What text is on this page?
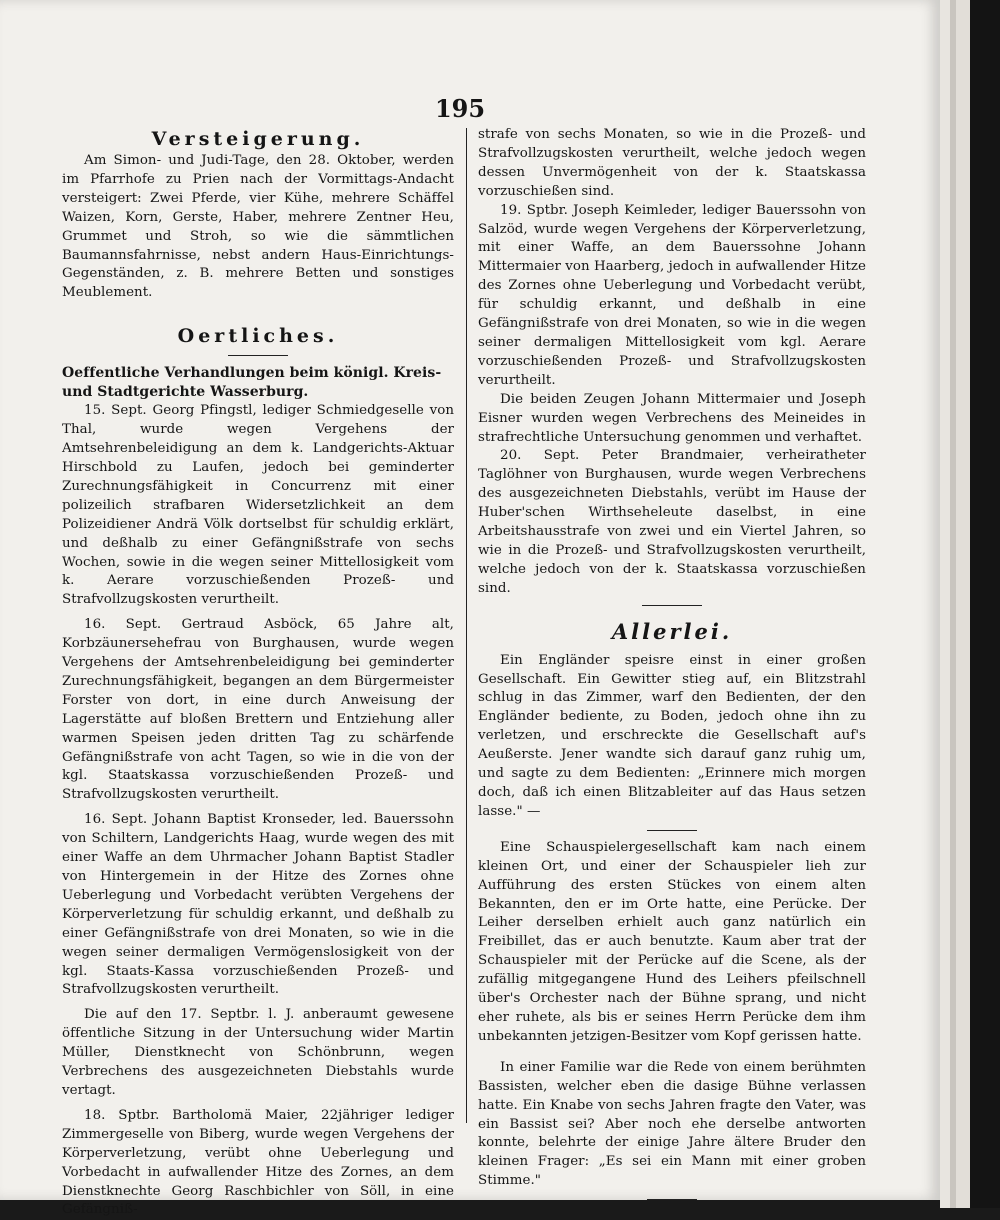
195
Versteigerung.

Am Simon- und Judi-Tage, den 28. Oktober, werden im Pfarrhofe zu Prien nach der Vormittags-Andacht versteigert: Zwei Pferde, vier Kühe, mehrere Schäffel Waizen, Korn, Gerste, Haber, mehrere Zentner Heu, Grummet und Stroh, so wie die sämmtlichen Baumannsfahrnisse, nebst andern Haus-Einrichtungs-Gegenständen, z. B. mehrere Betten und sonstiges Meublement.

Oertliches.

Oeffentliche Verhandlungen beim königl. Kreis- und Stadtgerichte Wasserburg.

15. Sept. Georg Pfingstl, lediger Schmiedgeselle von Thal, wurde wegen Vergehens der Amtsehrenbeleidigung an dem k. Landgerichts-Aktuar Hirschbold zu Laufen, jedoch bei geminderter Zurechnungsfähigkeit in Concurrenz mit einer polizeilich strafbaren Widersetzlichkeit an dem Polizeidiener Andrä Völk dortselbst für schuldig erklärt, und deßhalb zu einer Gefängnißstrafe von sechs Wochen, sowie in die wegen seiner Mittellosigkeit vom k. Aerare vorzuschießenden Prozeß- und Strafvollzugskosten verurtheilt.

16. Sept. Gertraud Asböck, 65 Jahre alt, Korbzäunersehefrau von Burghausen, wurde wegen Vergehens der Amtsehrenbeleidigung bei geminderter Zurechnungsfähigkeit, begangen an dem Bürgermeister Forster von dort, in eine durch Anweisung der Lagerstätte auf bloßen Brettern und Entziehung aller warmen Speisen jeden dritten Tag zu schärfende Gefängnißstrafe von acht Tagen, so wie in die von der kgl. Staatskassa vorzuschießenden Prozeß- und Strafvollzugskosten verurtheilt.

16. Sept. Johann Baptist Kronseder, led. Bauerssohn von Schiltern, Landgerichts Haag, wurde wegen des mit einer Waffe an dem Uhrmacher Johann Baptist Stadler von Hintergemein in der Hitze des Zornes ohne Ueberlegung und Vorbedacht verübten Vergehens der Körperverletzung für schuldig erkannt, und deßhalb zu einer Gefängnißstrafe von drei Monaten, so wie in die wegen seiner dermaligen Vermögenslosigkeit von der kgl. Staats-Kassa vorzuschießenden Prozeß- und Strafvollzugskosten verurtheilt.

Die auf den 17. Septbr. l. J. anberaumt gewesene öffentliche Sitzung in der Untersuchung wider Martin Müller, Dienstknecht von Schönbrunn, wegen Verbrechens des ausgezeichneten Diebstahls wurde vertagt.

18. Sptbr. Bartholomä Maier, 22jähriger lediger Zimmergeselle von Biberg, wurde wegen Vergehens der Körperverletzung, verübt ohne Ueberlegung und Vorbedacht in aufwallender Hitze des Zornes, an dem Dienstknechte Georg Raschbichler von Söll, in eine Gefängniß-

strafe von sechs Monaten, so wie in die Prozeß- und Strafvollzugskosten verurtheilt, welche jedoch wegen dessen Unvermögenheit von der k. Staatskassa vorzuschießen sind.

19. Sptbr. Joseph Keimleder, lediger Bauerssohn von Salzöd, wurde wegen Vergehens der Körperverletzung, mit einer Waffe, an dem Bauerssohne Johann Mittermaier von Haarberg, jedoch in aufwallender Hitze des Zornes ohne Ueberlegung und Vorbedacht verübt, für schuldig erkannt, und deßhalb in eine Gefängnißstrafe von drei Monaten, so wie in die wegen seiner dermaligen Mittellosigkeit vom kgl. Aerare vorzuschießenden Prozeß- und Strafvollzugskosten verurtheilt.

Die beiden Zeugen Johann Mittermaier und Joseph Eisner wurden wegen Verbrechens des Meineides in strafrechtliche Untersuchung genommen und verhaftet.

20. Sept. Peter Brandmaier, verheiratheter Taglöhner von Burghausen, wurde wegen Verbrechens des ausgezeichneten Diebstahls, verübt im Hause der Huber'schen Wirthseheleute daselbst, in eine Arbeitshausstrafe von zwei und ein Viertel Jahren, so wie in die Prozeß- und Strafvollzugskosten verurtheilt, welche jedoch von der k. Staatskassa vorzuschießen sind.

Allerlei.

Ein Engländer speisre einst in einer großen Gesellschaft. Ein Gewitter stieg auf, ein Blitzstrahl schlug in das Zimmer, warf den Bedienten, der den Engländer bediente, zu Boden, jedoch ohne ihn zu verletzen, und erschreckte die Gesellschaft auf's Aeußerste. Jener wandte sich darauf ganz ruhig um, und sagte zu dem Bedienten: „Erinnere mich morgen doch, daß ich einen Blitzableiter auf das Haus setzen lasse." —

Eine Schauspielergesellschaft kam nach einem kleinen Ort, und einer der Schauspieler lieh zur Aufführung des ersten Stückes von einem alten Bekannten, den er im Orte hatte, eine Perücke. Der Leiher derselben erhielt auch ganz natürlich ein Freibillet, das er auch benutzte. Kaum aber trat der Schauspieler mit der Perücke auf die Scene, als der zufällig mitgegangene Hund des Leihers pfeilschnell über's Orchester nach der Bühne sprang, und nicht eher ruhete, als bis er seines Herrn Perücke dem ihm unbekannten jetzigen-Besitzer vom Kopf gerissen hatte.

In einer Familie war die Rede von einem berühmten Bassisten, welcher eben die dasige Bühne verlassen hatte. Ein Knabe von sechs Jahren fragte den Vater, was ein Bassist sei? Aber noch ehe derselbe antworten konnte, belehrte der einige Jahre ältere Bruder den kleinen Frager: „Es sei ein Mann mit einer groben Stimme."
